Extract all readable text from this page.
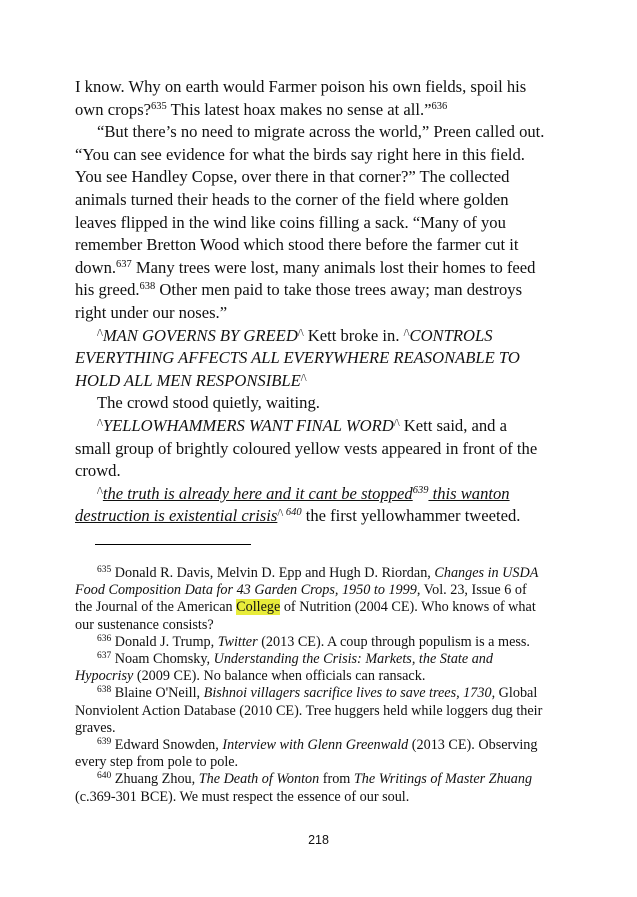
I know. Why on earth would Farmer poison his own fields, spoil his own crops?$^{635}$ This latest hoax makes no sense at all.”$^{636}$

“But there’s no need to migrate across the world,” Preen called out. “You can see evidence for what the birds say right here in this field. You see Handley Copse, over there in that corner?” The collected animals turned their heads to the corner of the field where golden leaves flipped in the wind like coins filling a sack. “Many of you remember Bretton Wood which stood there before the farmer cut it down.$^{637}$ Many trees were lost, many animals lost their homes to feed his greed.$^{638}$ Other men paid to take those trees away; man destroys right under our noses.”

/\MAN GOVERNS BY GREED/\ Kett broke in. /\CONTROLS EVERYTHING AFFECTS ALL EVERYWHERE REASONABLE TO HOLD ALL MEN RESPONSIBLE/\

The crowd stood quietly, waiting.

/\YELLOWHAMMERS WANT FINAL WORD/\ Kett said, and a small group of brightly coloured yellow vests appeared in front of the crowd.

/\the truth is already here and it cant be stopped$^{639}$ this wanton destruction is existential crisis/\ $^{640}$ the first yellowhammer tweeted.

$^{635}$ Donald R. Davis, Melvin D. Epp and Hugh D. Riordan, Changes in USDA Food Composition Data for 43 Garden Crops, 1950 to 1999, Vol. 23, Issue 6 of the Journal of the American College of Nutrition (2004 CE). Who knows of what our sustenance consists?

$^{636}$ Donald J. Trump, Twitter (2013 CE). A coup through populism is a mess.

$^{637}$ Noam Chomsky, Understanding the Crisis: Markets, the State and Hypocrisy (2009 CE). No balance when officials can ransack.

$^{638}$ Blaine O'Neill, Bishnoi villagers sacrifice lives to save trees, 1730, Global Nonviolent Action Database (2010 CE). Tree huggers held while loggers dug their graves.

$^{639}$ Edward Snowden, Interview with Glenn Greenwald (2013 CE). Observing every step from pole to pole.

$^{640}$ Zhuang Zhou, The Death of Wonton from The Writings of Master Zhuang (c.369-301 BCE). We must respect the essence of our soul.

218
